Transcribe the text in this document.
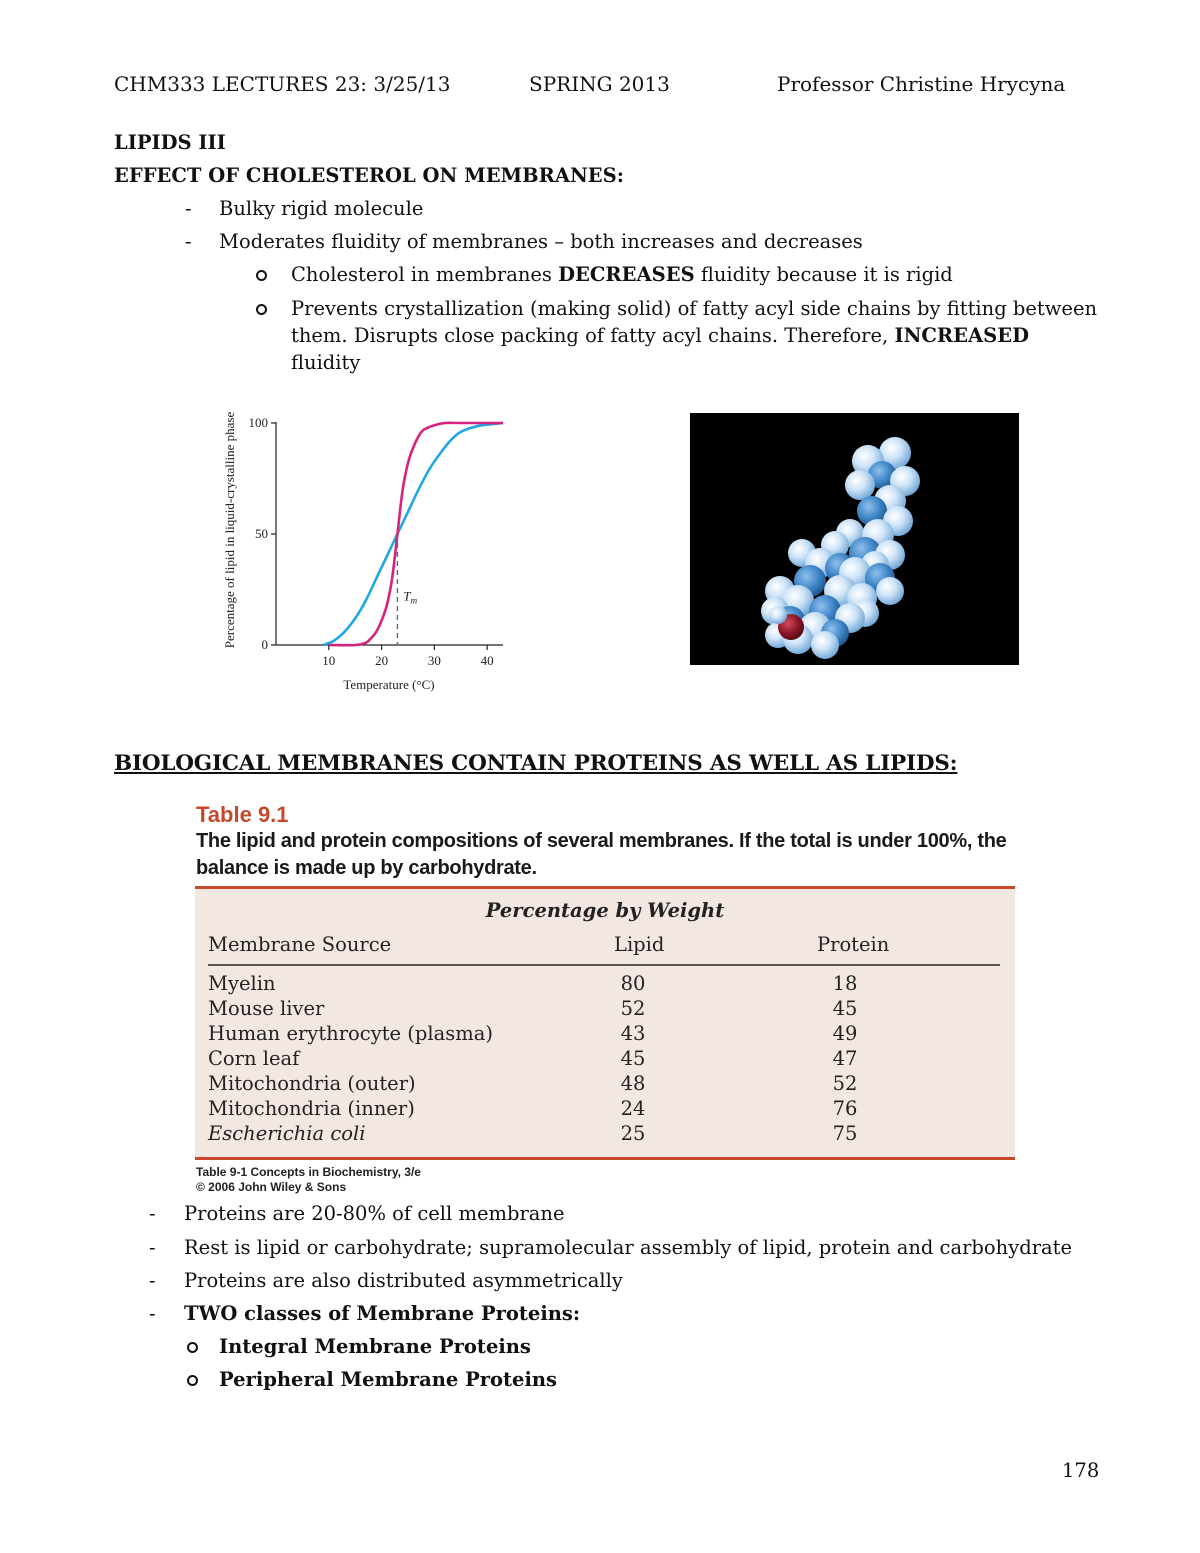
CHM333 LECTURES 23: 3/25/13	SPRING 2013	Professor Christine Hrycyna
LIPIDS III
EFFECT OF CHOLESTEROL ON MEMBRANES:
- Bulky rigid molecule
- Moderates fluidity of membranes – both increases and decreases
Cholesterol in membranes DECREASES fluidity because it is rigid
Prevents crystallization (making solid) of fatty acyl side chains by fitting between
them. Disrupts close packing of fatty acyl chains. Therefore, INCREASED
fluidity
Percentage of lipid in liquid-crystalline phase 0
50
100
10	20	30	40
$T_m$
Temperature (°C)
BIOLOGICAL MEMBRANES CONTAIN PROTEINS AS WELL AS LIPIDS:
Table 9.1
The lipid and protein compositions of several membranes. If the total is under 100%, the balance is made up by carbohydrate.
Percentage by Weight
Membrane Source	Lipid	Protein
Myelin	80	18
Mouse liver	52	45
Human erythrocyte (plasma)	43	49
Corn leaf	45	47
Mitochondria (outer)	48	52
Mitochondria (inner)	24	76
Escherichia coli	25	75
Table 9-1 Concepts in Biochemistry, 3/e
© 2006 John Wiley & Sons
- Proteins are 20-80% of cell membrane
- Rest is lipid or carbohydrate; supramolecular assembly of lipid, protein and carbohydrate
- Proteins are also distributed asymmetrically
- TWO classes of Membrane Proteins:
Integral Membrane Proteins
Peripheral Membrane Proteins
178
